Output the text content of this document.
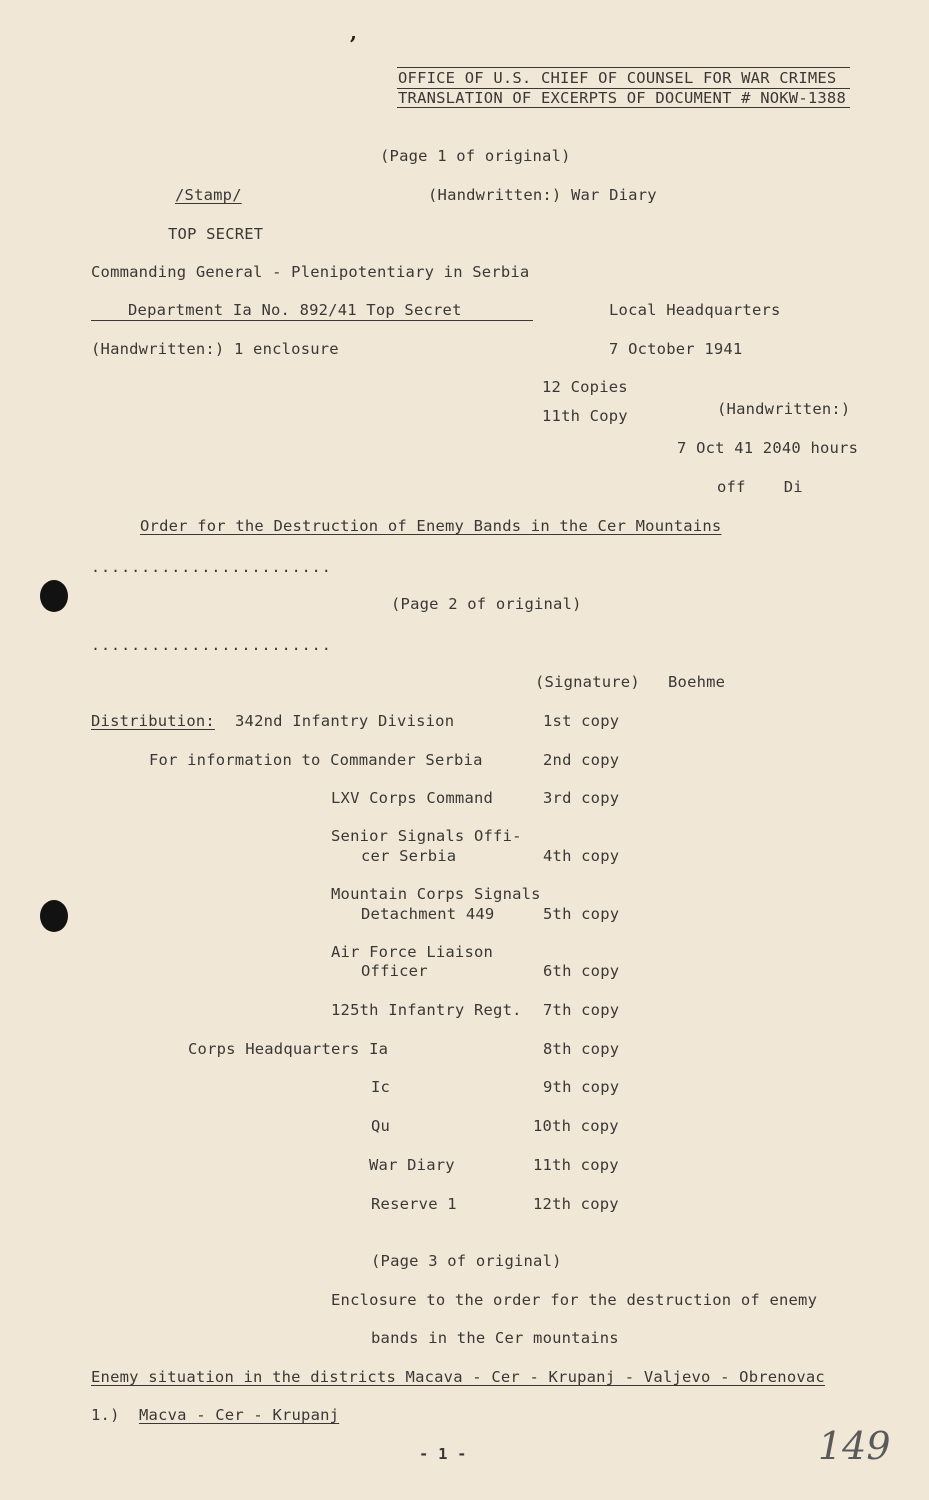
,
OFFICE OF U.S. CHIEF OF COUNSEL FOR WAR CRIMES
TRANSLATION OF EXCERPTS OF DOCUMENT # NOKW-1388
(Page 1 of original)
/Stamp/	(Handwritten:) War Diary
TOP SECRET
Commanding General - Plenipotentiary in Serbia
Department Ia No. 892/41 Top Secret	Local Headquarters
(Handwritten:) 1 enclosure	7 October 1941
12 Copies
11th Copy	(Handwritten:)
7 Oct 41 2040 hours
off    Di
Order for the Destruction of Enemy Bands in the Cer Mountains
........................
(Page 2 of original)
........................
(Signature) Boehme
Distribution: 342nd Infantry Division	1st copy
For information to Commander Serbia	2nd copy
LXV Corps Command	3rd copy
Senior Signals Offi-
cer Serbia	4th copy
Mountain Corps Signals
Detachment 449	5th copy
Air Force Liaison
Officer	6th copy
125th Infantry Regt. 7th copy
Corps Headquarters Ia	8th copy
Ic	9th copy
Qu	10th copy
War Diary	11th copy
Reserve 1	12th copy
(Page 3 of original)
Enclosure to the order for the destruction of enemy
bands in the Cer mountains
Enemy situation in the districts Macava - Cer - Krupanj - Valjevo - Obrenovac
1.) Macva - Cer - Krupanj
- 1 -	149
